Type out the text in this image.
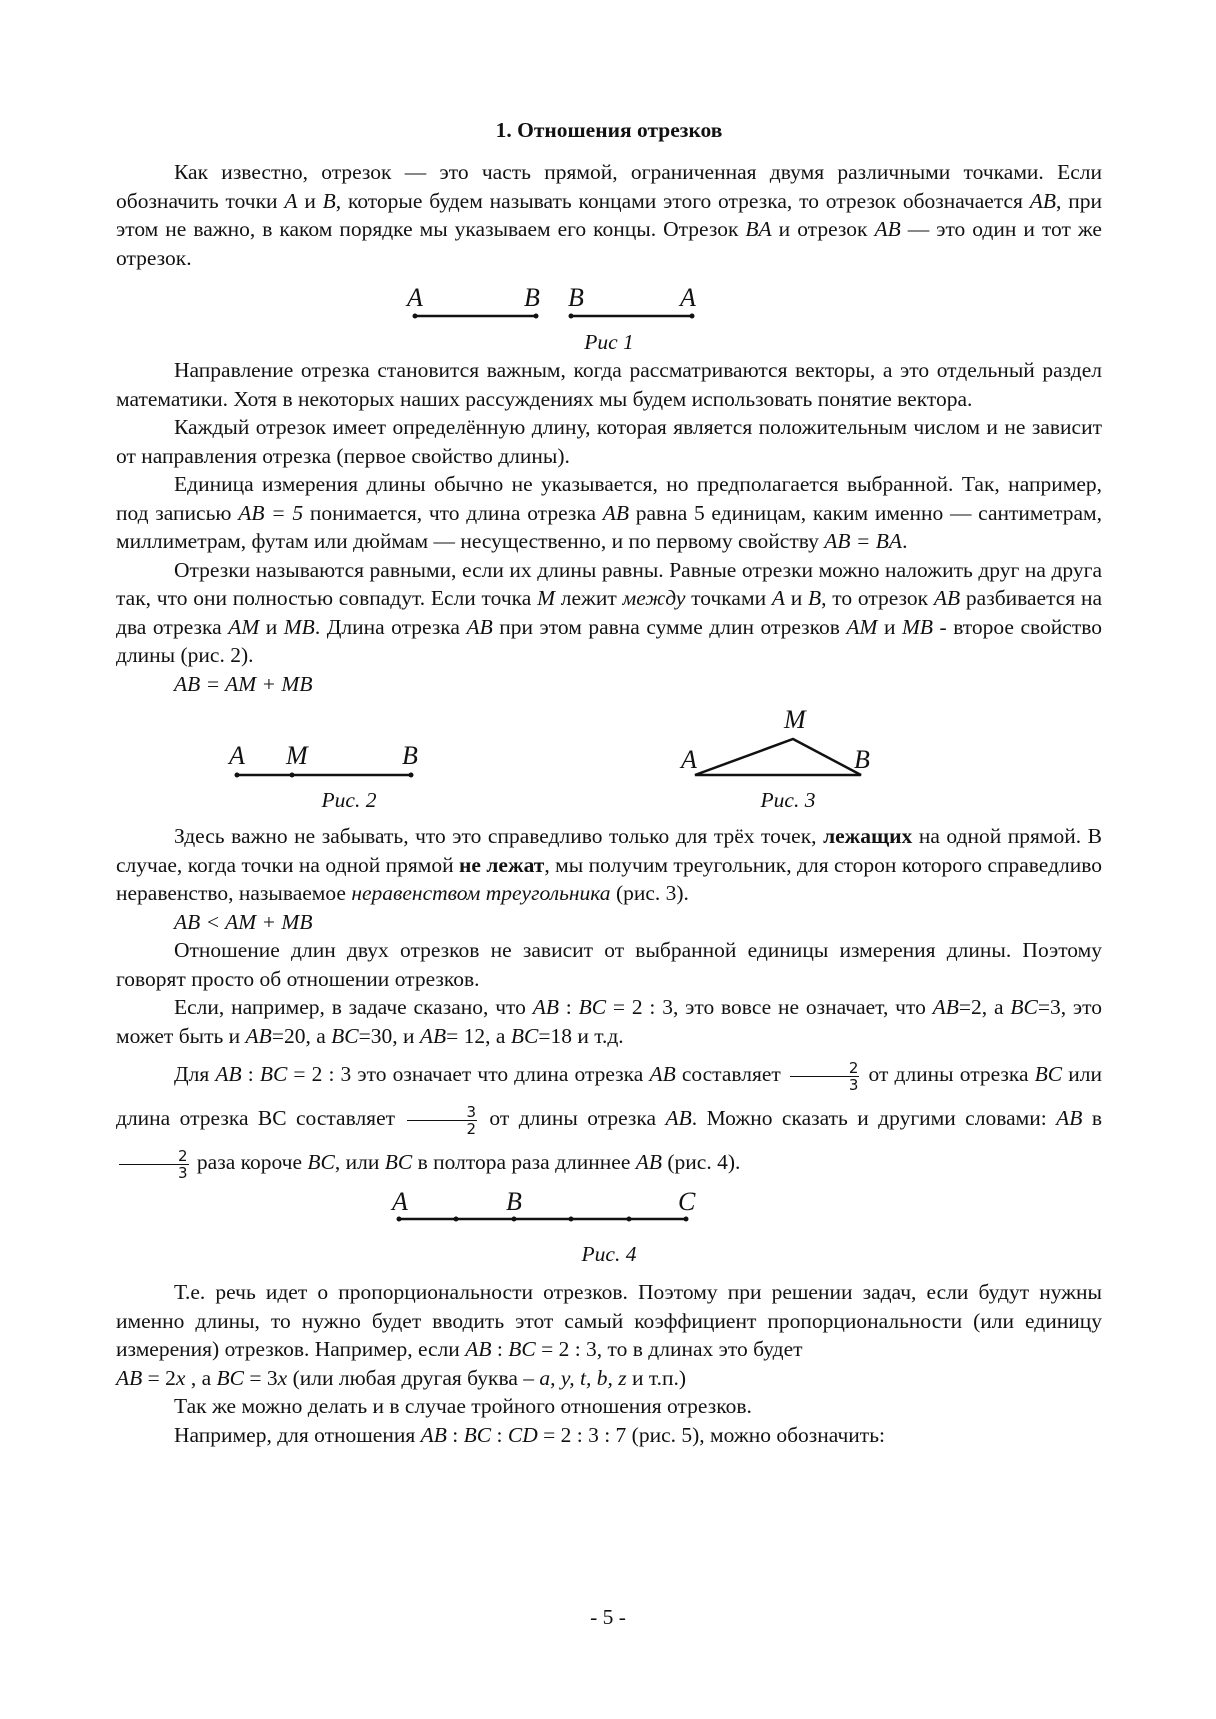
1. Отношения отрезков

Как известно, отрезок — это часть прямой, ограниченная двумя различными точками. Если обозначить точки A и B, которые будем называть концами этого отрезка, то отрезок обозначается AB, при этом не важно, в каком порядке мы указываем его концы. Отрезок BA и отрезок AB — это один и тот же отрезок.

A	B B	A
Рис 1

Направление отрезка становится важным, когда рассматриваются векторы, а это отдельный раздел математики. Хотя в некоторых наших рассуждениях мы будем использовать понятие вектора.

Каждый отрезок имеет определённую длину, которая является положительным числом и не зависит от направления отрезка (первое свойство длины).

Единица измерения длины обычно не указывается, но предполагается выбранной. Так, например, под записью AB = 5 понимается, что длина отрезка AB равна 5 единицам, каким именно — сантиметрам, миллиметрам, футам или дюймам — несущественно, и по первому свойству AB = BA.

Отрезки называются равными, если их длины равны. Равные отрезки можно наложить друг на друга так, что они полностью совпадут. Если точка M лежит между точками A и B, то отрезок AB разбивается на два отрезка AM и MB. Длина отрезка AB при этом равна сумме длин отрезков AM и MB - второе свойство длины (рис. 2).

AB = AM + MB
A M	B
Рис. 2
M
A	B
Рис. 3

Здесь важно не забывать, что это справедливо только для трёх точек, лежащих на одной прямой. В случае, когда точки на одной прямой не лежат, мы получим треугольник, для сторон которого справедливо неравенство, называемое неравенством треугольника (рис. 3).

AB < AM + MB

Отношение длин двух отрезков не зависит от выбранной единицы измерения длины. Поэтому говорят просто об отношении отрезков.

Если, например, в задаче сказано, что AB : BC = 2 : 3, это вовсе не означает, что AB=2, а BC=3, это может быть и AB=20, а BC=30, и AB= 12, а BC=18 и т.д.

Для AB : BC = 2 : 3 это означает что длина отрезка AB составляет $\frac{2}{3}$ от длины отрезка BC или длина отрезка ВС составляет $\frac{3}{2}$ от длины отрезка AB. Можно сказать и другими словами: AB в
$\frac{2}{3}$ раза короче BC, или BC в полтора раза длиннее AB (рис. 4).

A	B	C
Рис. 4

Т.е. речь идет о пропорциональности отрезков. Поэтому при решении задач, если будут нужны именно длины, то нужно будет вводить этот самый коэффициент пропорциональности (или единицу измерения) отрезков. Например, если AB : BC = 2 : 3, то в длинах это будет

AB = 2x , а BC = 3x (или любая другая буква – a, y, t, b, z и т.п.)

Так же можно делать и в случае тройного отношения отрезков.

Например, для отношения AB : BC : CD = 2 : 3 : 7 (рис. 5), можно обозначить:

- 5 -
